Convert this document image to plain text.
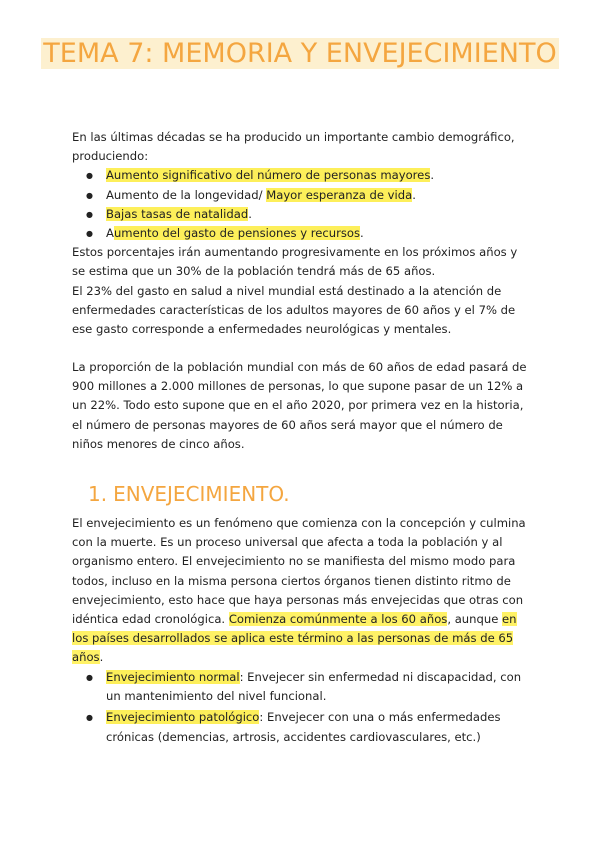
TEMA 7: MEMORIA Y ENVEJECIMIENTO

En las últimas décadas se ha producido un importante cambio demográfico,

produciendo:

● Aumento significativo del número de personas mayores.
● Aumento de la longevidad/ Mayor esperanza de vida.
● Bajas tasas de natalidad.
● Aumento del gasto de pensiones y recursos.

Estos porcentajes irán aumentando progresivamente en los próximos años y se estima que un 30% de la población tendrá más de 65 años.

El 23% del gasto en salud a nivel mundial está destinado a la atención de enfermedades características de los adultos mayores de 60 años y el 7% de ese gasto corresponde a enfermedades neurológicas y mentales.

La proporción de la población mundial con más de 60 años de edad pasará de 900 millones a 2.000 millones de personas, lo que supone pasar de un 12% a un 22%. Todo esto supone que en el año 2020, por primera vez en la historia, el número de personas mayores de 60 años será mayor que el número de niños menores de cinco años.

1. ENVEJECIMIENTO.

El envejecimiento es un fenómeno que comienza con la concepción y culmina con la muerte. Es un proceso universal que afecta a toda la población y al organismo entero. El envejecimiento no se manifiesta del mismo modo para todos, incluso en la misma persona ciertos órganos tienen distinto ritmo de envejecimiento, esto hace que haya personas más envejecidas que otras con idéntica edad cronológica. Comienza comúnmente a los 60 años, aunque en los países desarrollados se aplica este término a las personas de más de 65 años.

● Envejecimiento normal: Envejecer sin enfermedad ni discapacidad, con un mantenimiento del nivel funcional.
● Envejecimiento patológico: Envejecer con una o más enfermedades crónicas (demencias, artrosis, accidentes cardiovasculares, etc.)
